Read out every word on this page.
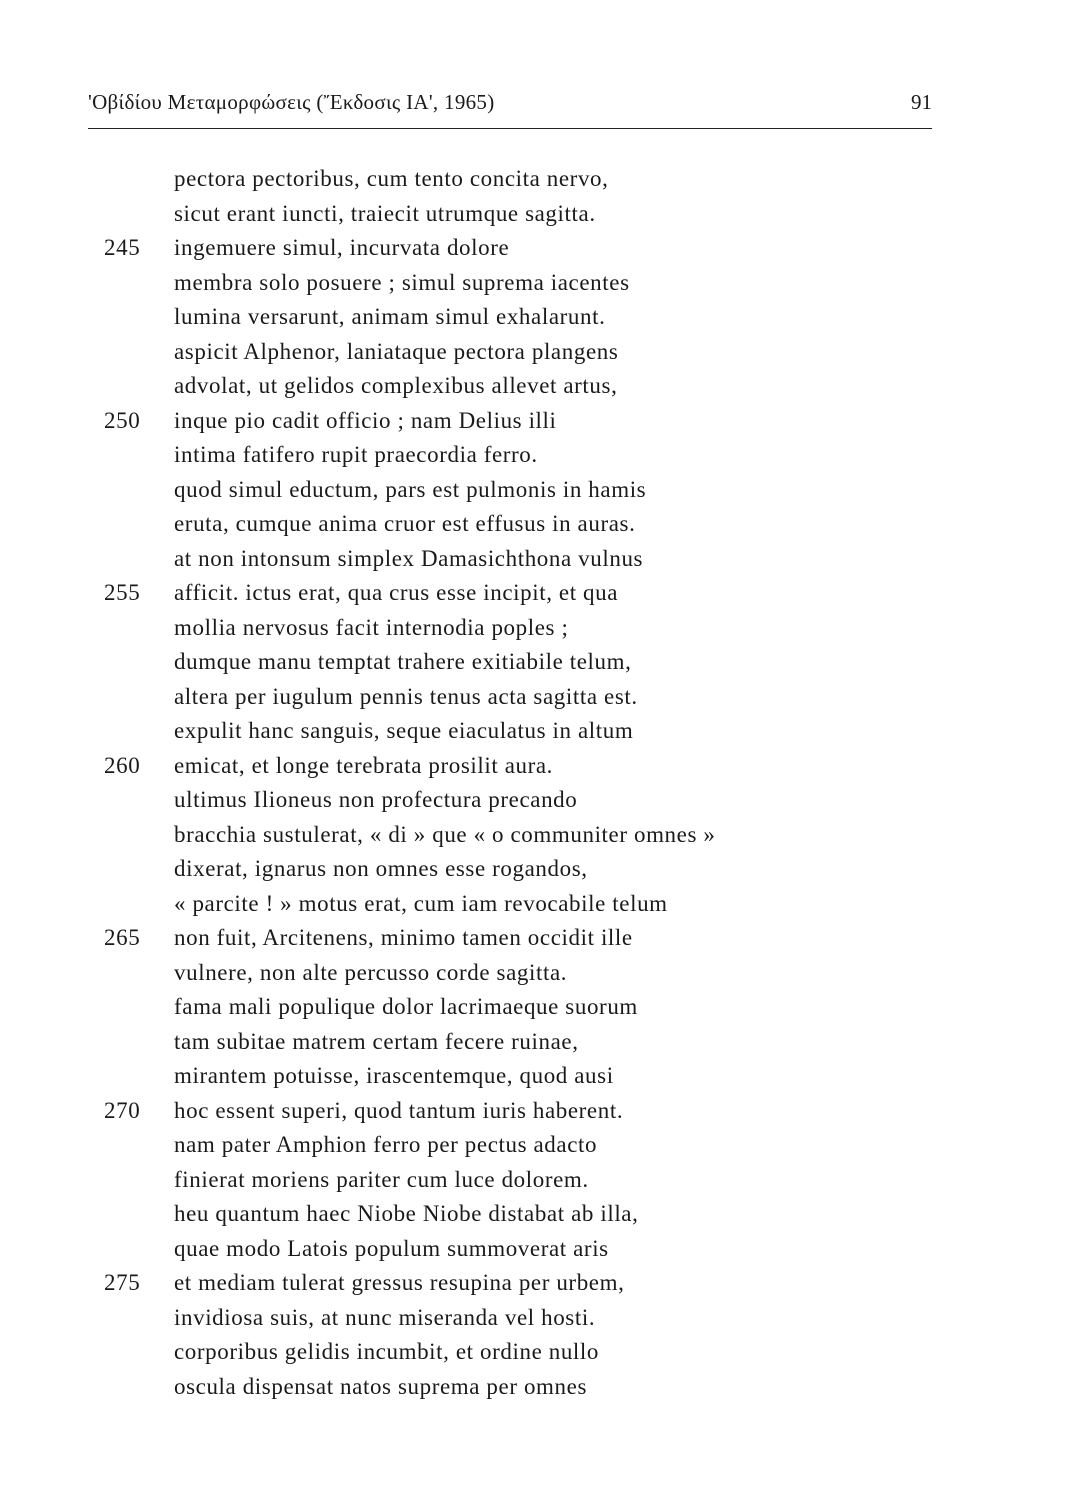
'Οβίδίου Μεταμορφώσεις (Ἔκδοσις ΙΑ', 1965)	91
pectora pectoribus, cum tento concita nervo,
sicut erant iuncti, traiecit utrumque sagitta.
245	ingemuere simul, incurvata dolore
membra solo posuere ; simul suprema iacentes
lumina versarunt, animam simul exhalarunt.
aspicit Alphenor, laniataque pectora plangens
advolat, ut gelidos complexibus allevet artus,
250	inque pio cadit officio ; nam Delius illi
intima fatifero rupit praecordia ferro.
quod simul eductum, pars est pulmonis in hamis
eruta, cumque anima cruor est effusus in auras.
at non intonsum simplex Damasichthona vulnus
255	afficit. ictus erat, qua crus esse incipit, et qua
mollia nervosus facit internodia poples ;
dumque manu temptat trahere exitiabile telum,
altera per iugulum pennis tenus acta sagitta est.
expulit hanc sanguis, seque eiaculatus in altum
260	emicat, et longe terebrata prosilit aura.
ultimus Ilioneus non profectura precando
bracchia sustulerat, « di » que « o communiter omnes »
dixerat, ignarus non omnes esse rogandos,
« parcite ! » motus erat, cum iam revocabile telum
265	non fuit, Arcitenens, minimo tamen occidit ille
vulnere, non alte percusso corde sagitta.
fama mali populique dolor lacrimaeque suorum
tam subitae matrem certam fecere ruinae,
mirantem potuisse, irascentemque, quod ausi
270	hoc essent superi, quod tantum iuris haberent.
nam pater Amphion ferro per pectus adacto
finierat moriens pariter cum luce dolorem.
heu quantum haec Niobe Niobe distabat ab illa,
quae modo Latois populum summoverat aris
275	et mediam tulerat gressus resupina per urbem,
invidiosa suis, at nunc miseranda vel hosti.
corporibus gelidis incumbit, et ordine nullo
oscula dispensat natos suprema per omnes
